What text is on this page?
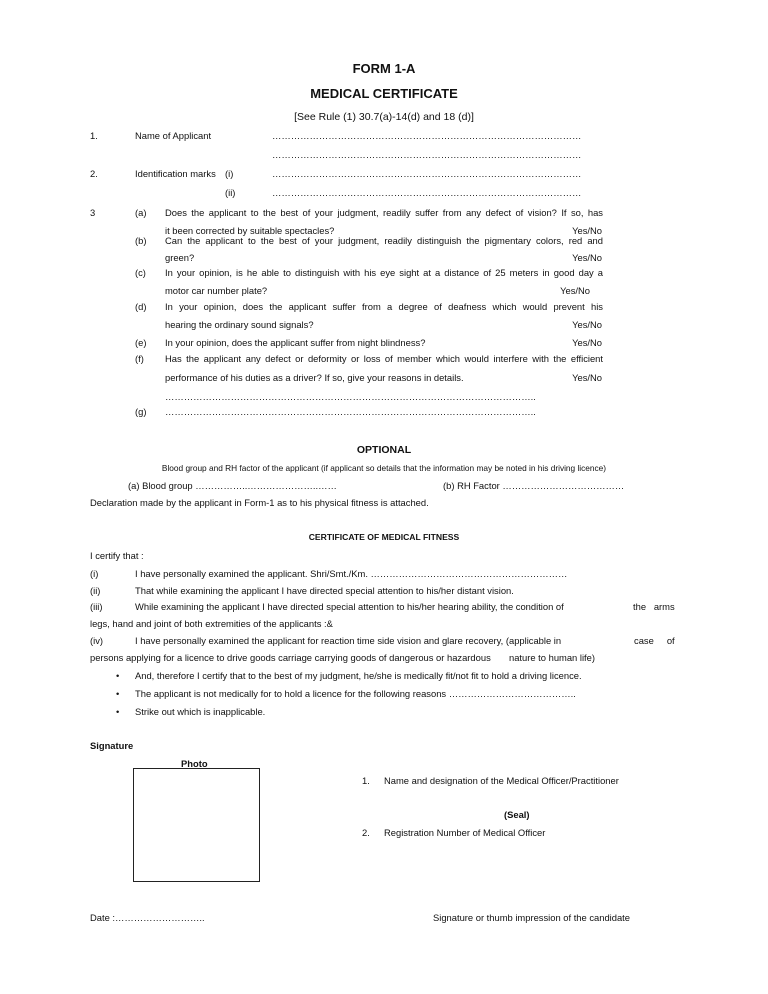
FORM 1-A
MEDICAL CERTIFICATE
[See Rule (1) 30.7(a)-14(d) and 18 (d)]
1.	Name of Applicant	………………………………………………………………………………………
………………………………………………………………………………………
2.	Identification marks (i)	………………………………………………………………………………………
(ii)	………………………………………………………………………………………
3	(a) Does the applicant to the best of your judgment, readily suffer from any defect of vision? If so, has
it been corrected by suitable spectacles?	Yes/No
(b) Can the applicant to the best of your judgment, readily distinguish the pigmentary colors, red and
green?	Yes/No
(c) In your opinion, is he able to distinguish with his eye sight at a distance of 25 meters in good day a
motor car number plate?	Yes/No
(d) In your opinion, does the applicant suffer from a degree of deafness which would prevent his
hearing the ordinary sound signals?	Yes/No
(e) In your opinion, does the applicant suffer from night blindness?	Yes/No
(f) Has the applicant any defect or deformity or loss of member which would interfere with the efficient
performance of his duties as a driver? If so, give your reasons in details.	Yes/No
………………………………………………………………………………………………………..
(g) ………………………………………………………………………………………………………..
OPTIONAL
Blood group and RH factor of the applicant (if applicant so details that the information may be noted in his driving licence)
(a) Blood group ……………..…………………..……	(b) RH Factor …………………………………
Declaration made by the applicant in Form-1 as to his physical fitness is attached.
CERTIFICATE OF MEDICAL FITNESS
I certify that :
(i)	I have personally examined the applicant. Shri/Smt./Km. ………………………………………………………
(ii)	That while examining the applicant I have directed special attention to his/her distant vision.
(iii)	While examining the applicant I have directed special attention to his/her hearing ability, the condition of	the   arms
legs, hand and joint of both extremities of the applicants :&
(iv)	I have personally examined the applicant for reaction time side vision and glare recovery, (applicable in	case     of
persons applying for a licence to drive goods carriage carrying goods of dangerous or hazardous       nature to human life)
• And, therefore I certify that to the best of my judgment, he/she is medically fit/not fit to hold a driving licence.
• The applicant is not medically for to hold a licence for the following reasons …………………………………..
• Strike out which is inapplicable.
Signature
Photo
1. Name and designation of the Medical Officer/Practitioner
(Seal)
2. Registration Number of Medical Officer
Date :………………………..	Signature or thumb impression of the candidate
